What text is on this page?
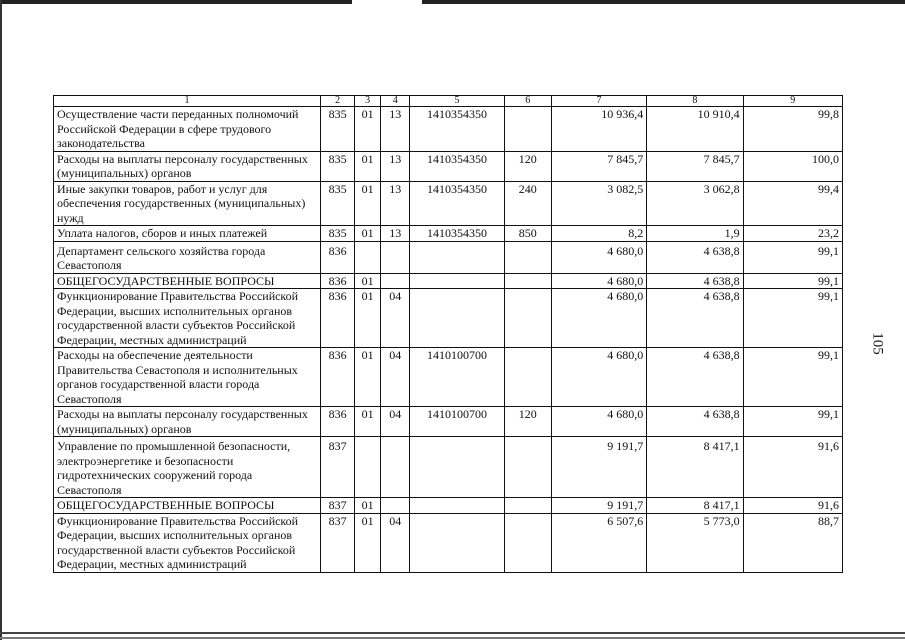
1	2	3	4	5	6	7	8	9
Осуществление части переданных полномочий Российской Федерации в сфере трудового законодательства	835	01	13	1410354350		10 936,4	10 910,4	99,8
Расходы на выплаты персоналу государственных (муниципальных) органов	835	01	13	1410354350	120	7 845,7	7 845,7	100,0
Иные закупки товаров, работ и услуг для обеспечения государственных (муниципальных) нужд	835	01	13	1410354350	240	3 082,5	3 062,8	99,4
Уплата налогов, сборов и иных платежей	835	01	13	1410354350	850	8,2	1,9	23,2
Департамент сельского хозяйства города Севастополя	836					4 680,0	4 638,8	99,1
ОБЩЕГОСУДАРСТВЕННЫЕ ВОПРОСЫ	836	01				4 680,0	4 638,8	99,1
Функционирование Правительства Российской Федерации, высших исполнительных органов государственной власти субъектов Российской Федерации, местных администраций	836	01	04			4 680,0	4 638,8	99,1
Расходы на обеспечение деятельности Правительства Севастополя и исполнительных органов государственной власти города Севастополя	836	01	04	1410100700		4 680,0	4 638,8	99,1
Расходы на выплаты персоналу государственных (муниципальных) органов	836	01	04	1410100700	120	4 680,0	4 638,8	99,1
Управление по промышленной безопасности, электроэнергетике и безопасности гидротехнических сооружений города Севастополя	837					9 191,7	8 417,1	91,6
ОБЩЕГОСУДАРСТВЕННЫЕ ВОПРОСЫ	837	01				9 191,7	8 417,1	91,6
Функционирование Правительства Российской Федерации, высших исполнительных органов государственной власти субъектов Российской Федерации, местных администраций	837	01	04			6 507,6	5 773,0	88,7
105
